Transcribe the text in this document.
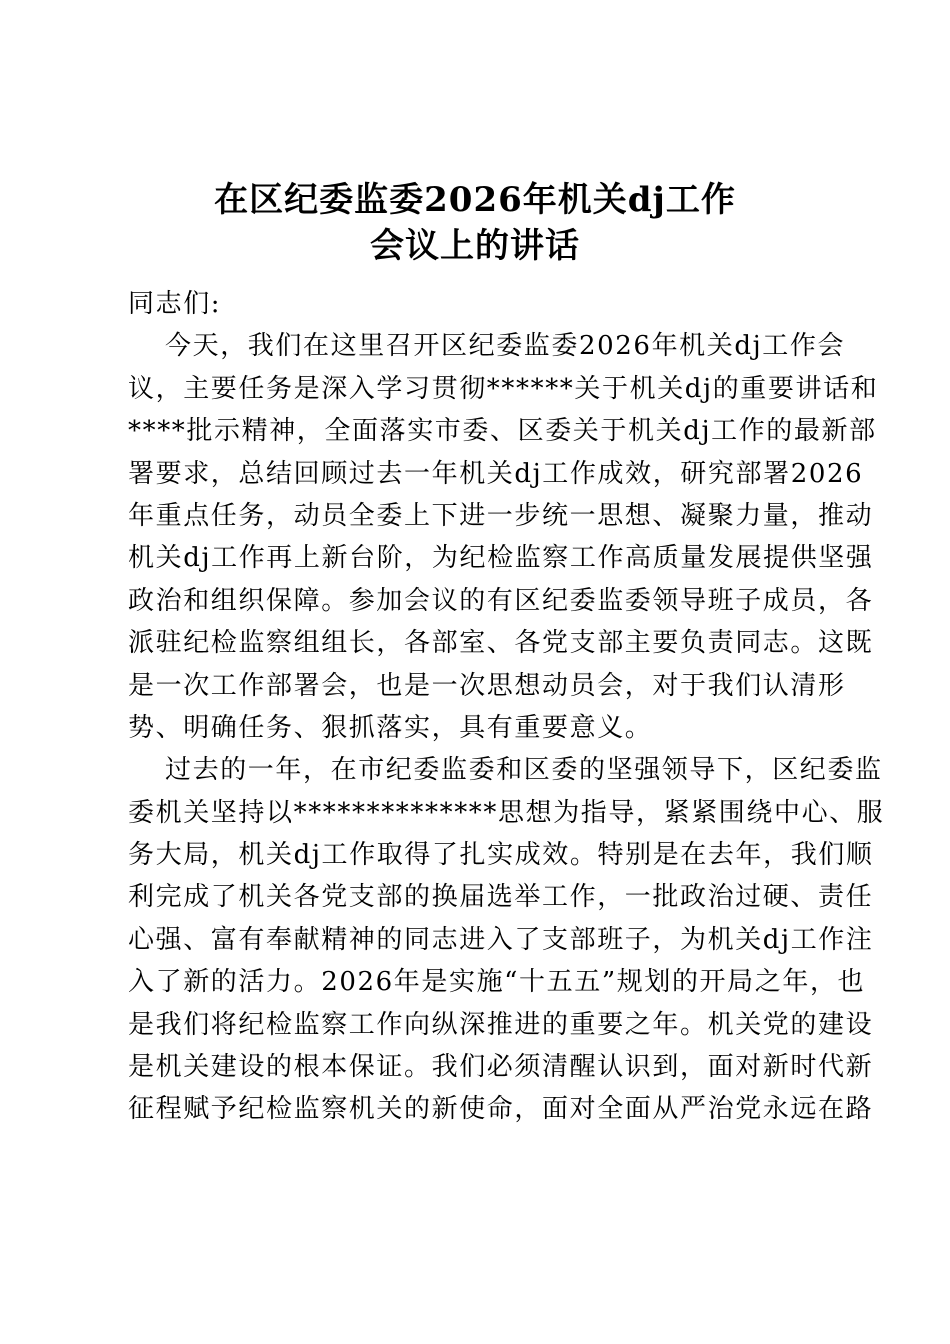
在区纪委监委2026年机关dj工作
会议上的讲话
同志们:
今天，我们在这里召开区纪委监委2026年机关dj工作会
议，主要任务是深入学习贯彻******关于机关dj的重要讲话和
****批示精神，全面落实市委、区委关于机关dj工作的最新部
署要求，总结回顾过去一年机关dj工作成效，研究部署2026
年重点任务，动员全委上下进一步统一思想、凝聚力量，推动
机关dj工作再上新台阶，为纪检监察工作高质量发展提供坚强
政治和组织保障。参加会议的有区纪委监委领导班子成员，各
派驻纪检监察组组长，各部室、各党支部主要负责同志。这既
是一次工作部署会，也是一次思想动员会，对于我们认清形
势、明确任务、狠抓落实，具有重要意义。
过去的一年，在市纪委监委和区委的坚强领导下，区纪委监
委机关坚持以**************思想为指导，紧紧围绕中心、服
务大局，机关dj工作取得了扎实成效。特别是在去年，我们顺
利完成了机关各党支部的换届选举工作，一批政治过硬、责任
心强、富有奉献精神的同志进入了支部班子，为机关dj工作注
入了新的活力。2026年是实施“十五五”规划的开局之年，也
是我们将纪检监察工作向纵深推进的重要之年。机关党的建设
是机关建设的根本保证。我们必须清醒认识到，面对新时代新
征程赋予纪检监察机关的新使命，面对全面从严治党永远在路
